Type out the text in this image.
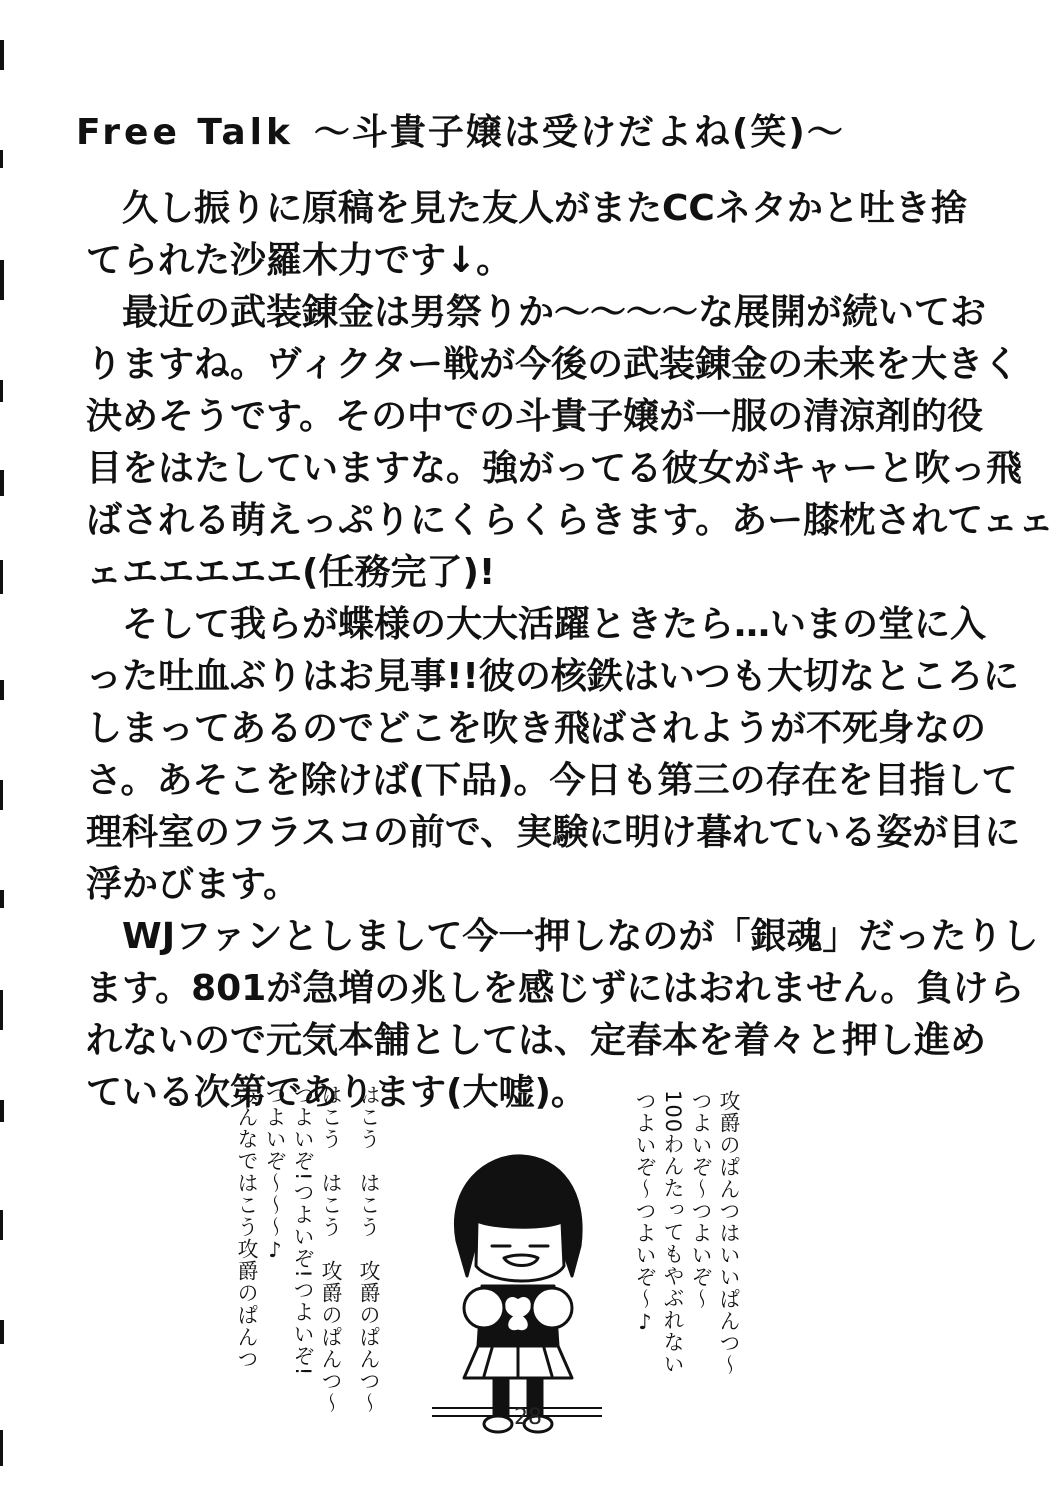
Free Talk ～斗貴子嬢は受けだよね(笑)～
久し振りに原稿を見た友人がまたCCネタかと吐き捨
てられた沙羅木力です↓。
最近の武装錬金は男祭りか～～～～な展開が続いてお
りますね。ヴィクター戦が今後の武装錬金の未来を大きく
決めそうです。その中での斗貴子嬢が一服の清涼剤的役
目をはたしていますな。強がってる彼女がキャーと吹っ飛
ばされる萌えっぷりにくらくらきます。あー膝枕されてェェ
ェエエエエエ(任務完了)!
そして我らが蝶様の大大活躍ときたら…いまの堂に入
った吐血ぶりはお見事!!彼の核鉄はいつも大切なところに
しまってあるのでどこを吹き飛ばされようが不死身なの
さ。あそこを除けば(下品)。今日も第三の存在を目指して
理科室のフラスコの前で、実験に明け暮れている姿が目に
浮かびます。
WJファンとしまして今一押しなのが「銀魂」だったりし
ます。801が急増の兆しを感じずにはおれません。負けら
れないので元気本舗としては、定春本を着々と押し進め
ている次第であります(大嘘)。
はこう　はこう　攻爵のぱんつ〜
はこう　はこう　攻爵のぱんつ〜
つよいぞ!つよいぞ!つよいぞ!
つよいぞ〜〜〜♪
みんなではこう攻爵のぱんつ	攻爵のぱんつはいいぱんつ〜
つよいぞ〜つよいぞ〜
100わんたってもやぶれない
つよいぞ〜つよいぞ〜♪
28
